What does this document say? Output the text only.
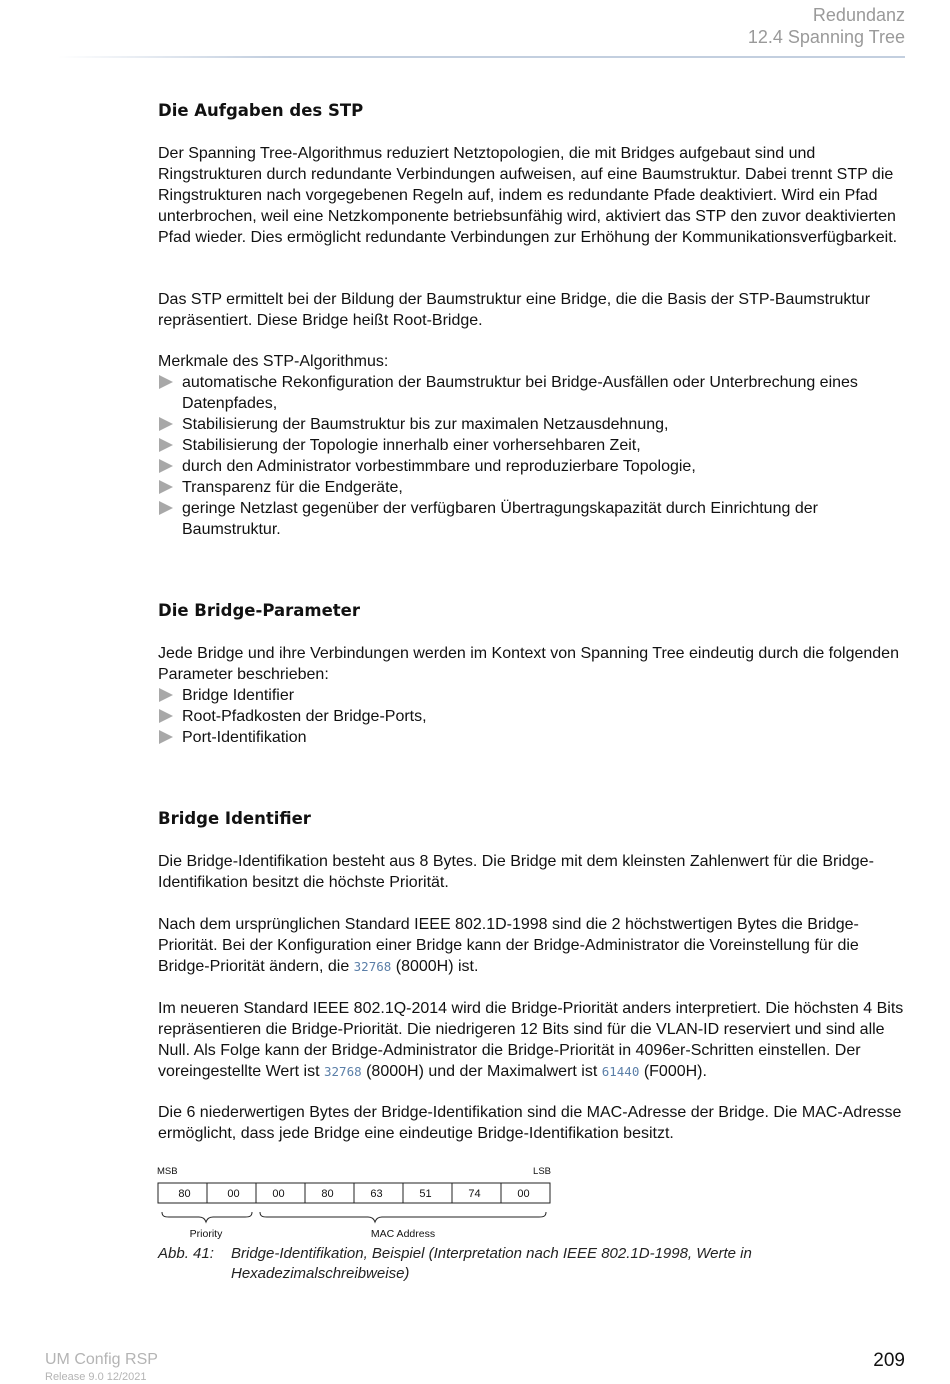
Redundanz
12.4 Spanning Tree
Die Aufgaben des STP

Der Spanning Tree-Algorithmus reduziert Netztopologien, die mit Bridges aufgebaut sind und Ringstrukturen durch redundante Verbindungen aufweisen, auf eine Baumstruktur. Dabei trennt STP die Ringstrukturen nach vorgegebenen Regeln auf, indem es redundante Pfade deaktiviert. Wird ein Pfad unterbrochen, weil eine Netzkomponente betriebsunfähig wird, aktiviert das STP den zuvor deaktivierten Pfad wieder. Dies ermöglicht redundante Verbindungen zur Erhöhung der Kommunikationsverfügbarkeit.

Das STP ermittelt bei der Bildung der Baumstruktur eine Bridge, die die Basis der STP-Baumstruktur repräsentiert. Diese Bridge heißt Root-Bridge.

Merkmale des STP-Algorithmus:

automatische Rekonfiguration der Baumstruktur bei Bridge-Ausfällen oder Unterbrechung eines Datenpfades,
Stabilisierung der Baumstruktur bis zur maximalen Netzausdehnung,
Stabilisierung der Topologie innerhalb einer vorhersehbaren Zeit,
durch den Administrator vorbestimmbare und reproduzierbare Topologie,
Transparenz für die Endgeräte,
geringe Netzlast gegenüber der verfügbaren Übertragungskapazität durch Einrichtung der Baumstruktur.
Die Bridge-Parameter

Jede Bridge und ihre Verbindungen werden im Kontext von Spanning Tree eindeutig durch die folgenden Parameter beschrieben:

Bridge Identifier
Root-Pfadkosten der Bridge-Ports,
Port-Identifikation
Bridge Identifier

Die Bridge-Identifikation besteht aus 8 Bytes. Die Bridge mit dem kleinsten Zahlenwert für die Bridge-Identifikation besitzt die höchste Priorität.

Nach dem ursprünglichen Standard IEEE 802.1D-1998 sind die 2 höchstwertigen Bytes die Bridge-Priorität. Bei der Konfiguration einer Bridge kann der Bridge-Administrator die Voreinstellung für die Bridge-Priorität ändern, die 32768 (8000H) ist.

Im neueren Standard IEEE 802.1Q-2014 wird die Bridge-Priorität anders interpretiert. Die höchsten 4 Bits repräsentieren die Bridge-Priorität. Die niedrigeren 12 Bits sind für die VLAN-ID reserviert und sind alle Null. Als Folge kann der Bridge-Administrator die Bridge-Priorität in 4096er-Schritten einstellen. Der voreingestellte Wert ist 32768 (8000H) und der Maximalwert ist 61440 (F000H).

Die 6 niederwertigen Bytes der Bridge-Identifikation sind die MAC-Adresse der Bridge. Die MAC-Adresse ermöglicht, dass jede Bridge eine eindeutige Bridge-Identifikation besitzt.

MSB	LSB
80	00	00	80	63	51	74	00
Priority	MAC Address
Abb. 41: Bridge-Identifikation, Beispiel (Interpretation nach IEEE 802.1D-1998, Werte in Hexadezimalschreibweise)
UM Config RSP
Release 9.0 12/2021
209
